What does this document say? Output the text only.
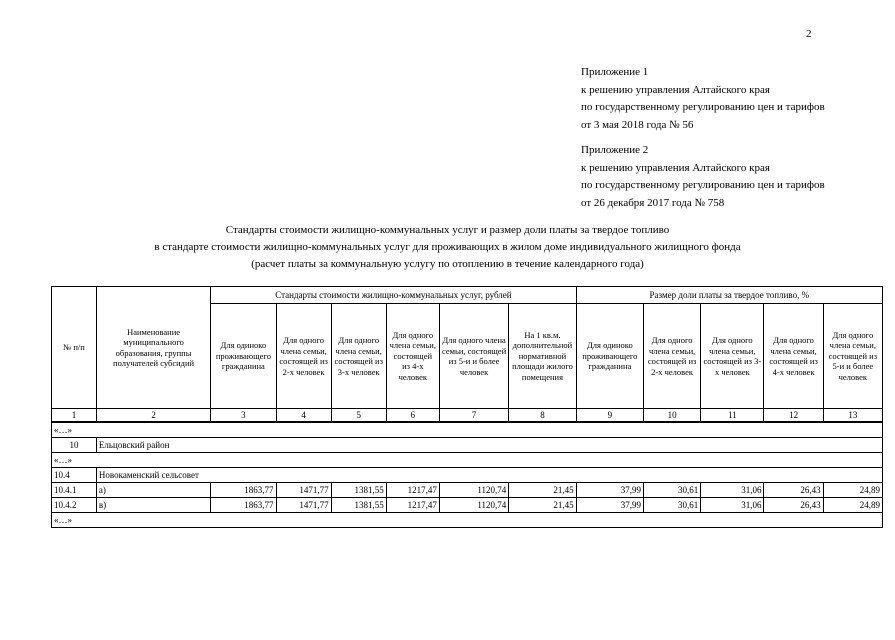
2
Приложение 1
к решению управления Алтайского края
по государственному регулированию цен и тарифов
от 3 мая 2018 года № 56
Приложение 2
к решению управления Алтайского края
по государственному регулированию цен и тарифов
от 26 декабря 2017 года № 758
Стандарты стоимости жилищно-коммунальных услуг и размер доли платы за твердое топливо
в стандарте стоимости жилищно-коммунальных услуг для проживающих в жилом доме индивидуального жилищного фонда
(расчет платы за коммунальную услугу по отоплению в течение календарного года)
№ п/п	Наименование муниципального образования, группы получателей субсидий	Стандарты стоимости жилищно-коммунальных услуг, рублей						Размер доли платы за твердое топливо, %				
		Для одиноко проживающего гражданина	Для одного члена семьи, состоящей из 2-х человек	Для одного члена семьи, состоящей из 3-х человек	Для одного члена семьи, состоящей из 4-х человек	Для одного члена семьи, состоящей из 5-и и более человек	На 1 кв.м. дополнительной нормативной площади жилого помещения	Для одиноко проживающего гражданина	Для одного члена семьи, состоящей из 2-х человек	Для одного члена семьи, состоящей из 3-х человек	Для одного члена семьи, состоящей из 4-х человек	Для одного члена семьи, состоящей из 5-и и более человек
1	2	3	4	5	6	7	8	9	10	11	12	13
«…»												
10	Ельцовский район											
«…»												
10.4	Новокаменский сельсовет											
10.4.1	а)	1863,77	1471,77	1381,55	1217,47	1120,74	21,45	37,99	30,61	31,06	26,43	24,89
10.4.2	в)	1863,77	1471,77	1381,55	1217,47	1120,74	21,45	37,99	30,61	31,06	26,43	24,89
«…»												
